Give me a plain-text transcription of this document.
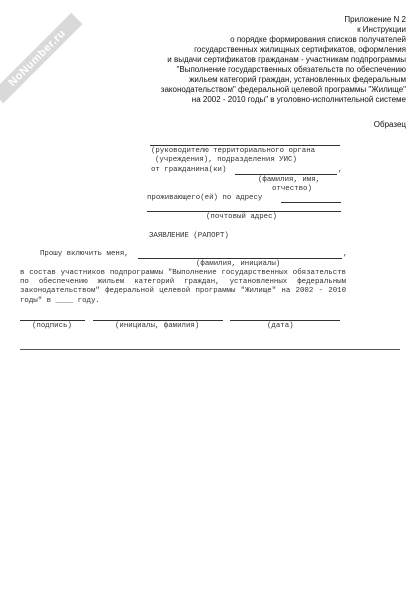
NoNumber.ru
Приложение N 2
к Инструкции
о порядке формирования списков получателей
государственных жилищных сертификатов, оформления
и выдачи сертификатов гражданам - участникам подпрограммы
"Выполнение государственных обязательств по обеспечению
жильем категорий граждан, установленных федеральным
законодательством" федеральной целевой программы "Жилище"
на 2002 - 2010 годы" в уголовно-исполнительной системе
Образец
(руководителю территориального органа
(учреждения), подразделения УИС)
от гражданина(ки)	,
(фамилия, имя,
отчество)
проживающего(ей) по адресу
(почтовый адрес)
ЗАЯВЛЕНИЕ (РАПОРТ)
Прошу включить меня,	,
(фамилия, инициалы)
в состав участников подпрограммы "Выполнение государственных обязательств по обеспечению жильем категорий граждан, установленных федеральным законодательством" федеральной целевой программы "Жилище" на 2002 - 2010 годы" в ____ году.
(подпись)	(инициалы, фамилия)	(дата)
